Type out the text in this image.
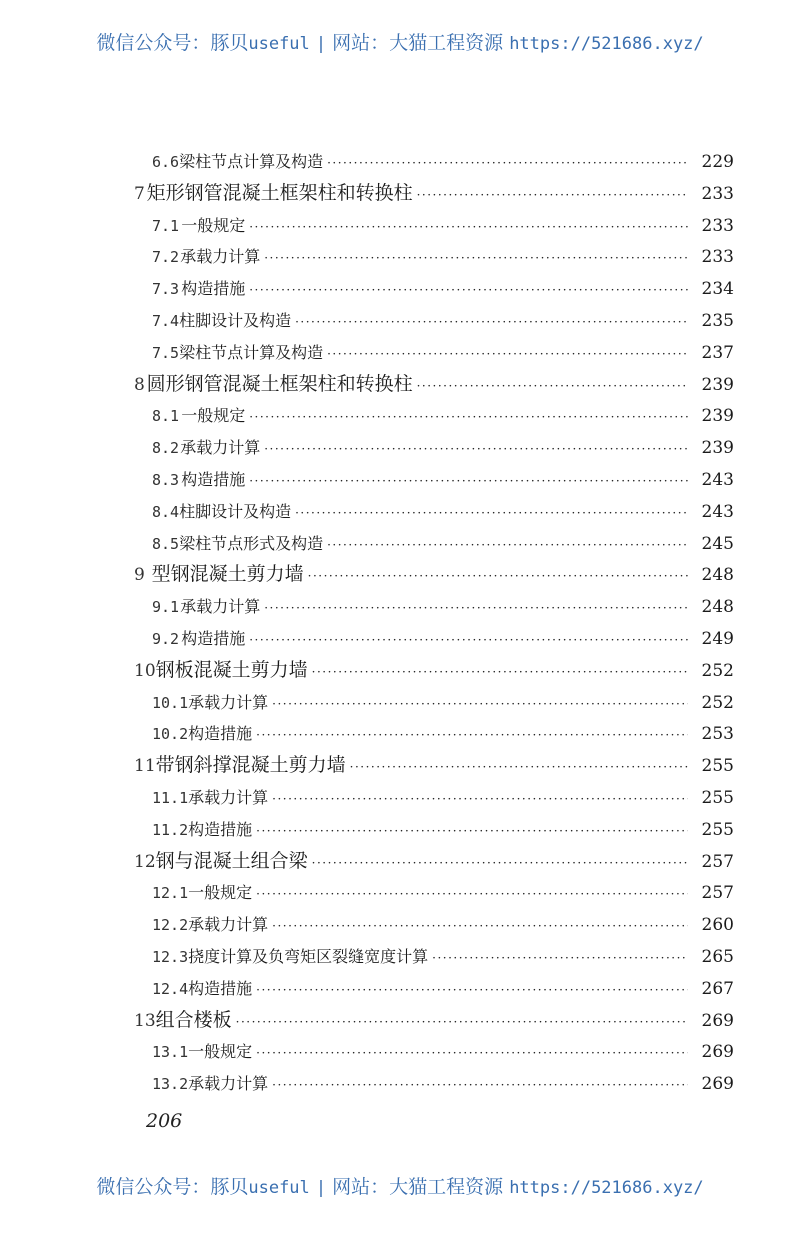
微信公众号：豚贝useful | 网站：大猫工程资源 https://521686.xyz/
6.6 梁柱节点计算及构造 ·····	229
7 矩形钢管混凝土框架柱和转换柱 ·····	233
7.1 一般规定 ·····	233
7.2 承载力计算 ·····	233
7.3 构造措施 ·····	234
7.4 柱脚设计及构造 ·····	235
7.5 梁柱节点计算及构造 ·····	237
8 圆形钢管混凝土框架柱和转换柱 ·····	239
8.1 一般规定 ·····	239
8.2 承载力计算 ·····	239
8.3 构造措施 ·····	243
8.4 柱脚设计及构造 ·····	243
8.5 梁柱节点形式及构造 ·····	245
9 型钢混凝土剪力墙 ·····	248
9.1 承载力计算 ·····	248
9.2 构造措施 ·····	249
10 钢板混凝土剪力墙 ·····	252
10.1 承载力计算 ·····	252
10.2 构造措施 ·····	253
11 带钢斜撑混凝土剪力墙 ·····	255
11.1 承载力计算 ·····	255
11.2 构造措施 ·····	255
12 钢与混凝土组合梁 ·····	257
12.1 一般规定 ·····	257
12.2 承载力计算 ·····	260
12.3 挠度计算及负弯矩区裂缝宽度计算 ·····	265
12.4 构造措施 ·····	267
13 组合楼板 ·····	269
13.1 一般规定 ·····	269
13.2 承载力计算 ·····	269
206
微信公众号：豚贝useful | 网站：大猫工程资源 https://521686.xyz/
